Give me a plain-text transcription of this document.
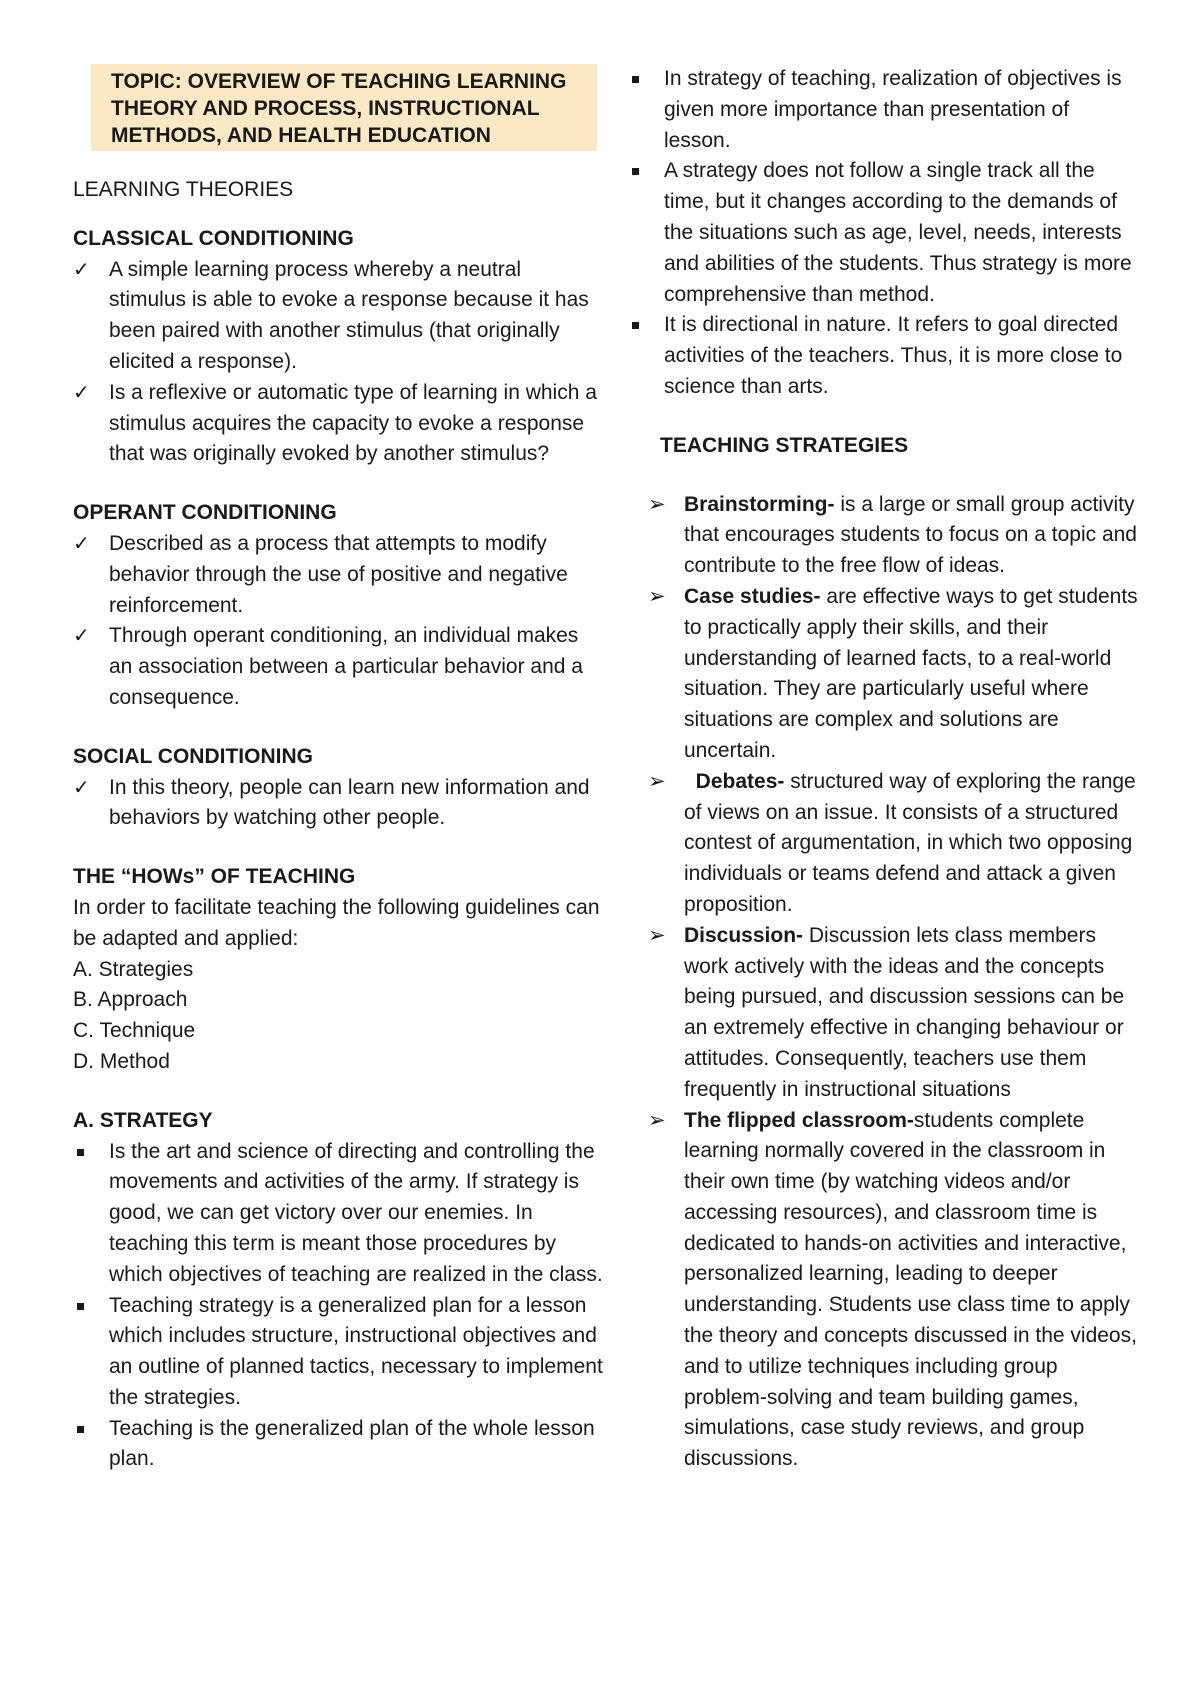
TOPIC: OVERVIEW OF TEACHING LEARNING
THEORY AND PROCESS, INSTRUCTIONAL
METHODS, AND HEALTH EDUCATION
LEARNING THEORIES
CLASSICAL CONDITIONING
✓ A simple learning process whereby a neutral stimulus is able to evoke a response because it has been paired with another stimulus (that originally elicited a response).
✓ Is a reflexive or automatic type of learning in which a stimulus acquires the capacity to evoke a response that was originally evoked by another stimulus?
OPERANT CONDITIONING
✓ Described as a process that attempts to modify behavior through the use of positive and negative reinforcement.
✓ Through operant conditioning, an individual makes an association between a particular behavior and a consequence.
SOCIAL CONDITIONING
✓ In this theory, people can learn new information and behaviors by watching other people.
THE “HOWs” OF TEACHING
In order to facilitate teaching the following guidelines can be adapted and applied:
A. Strategies
B. Approach
C. Technique
D. Method
A. STRATEGY
Is the art and science of directing and controlling the movements and activities of the army. If strategy is good, we can get victory over our enemies. In teaching this term is meant those procedures by which objectives of teaching are realized in the class.
Teaching strategy is a generalized plan for a lesson which includes structure, instructional objectives and an outline of planned tactics, necessary to implement the strategies.
Teaching is the generalized plan of the whole lesson plan.
In strategy of teaching, realization of objectives is given more importance than presentation of lesson.
A strategy does not follow a single track all the time, but it changes according to the demands of the situations such as age, level, needs, interests and abilities of the students. Thus strategy is more comprehensive than method.
It is directional in nature. It refers to goal directed activities of the teachers. Thus, it is more close to science than arts.
TEACHING STRATEGIES
➢ Brainstorming- is a large or small group activity that encourages students to focus on a topic and contribute to the free flow of ideas.
➢ Case studies- are effective ways to get students to practically apply their skills, and their understanding of learned facts, to a real-world situation. They are particularly useful where situations are complex and solutions are uncertain.
➢	Debates- structured way of exploring the range of views on an issue. It consists of a structured contest of argumentation, in which two opposing individuals or teams defend and attack a given proposition.
➢ Discussion- Discussion lets class members work actively with the ideas and the concepts being pursued, and discussion sessions can be an extremely effective in changing behaviour or attitudes. Consequently, teachers use them frequently in instructional situations
➢ The flipped classroom-students complete learning normally covered in the classroom in their own time (by watching videos and/or accessing resources), and classroom time is dedicated to hands-on activities and interactive, personalized learning, leading to deeper understanding. Students use class time to apply the theory and concepts discussed in the videos, and to utilize techniques including group problem-solving and team building games, simulations, case study reviews, and group discussions.
